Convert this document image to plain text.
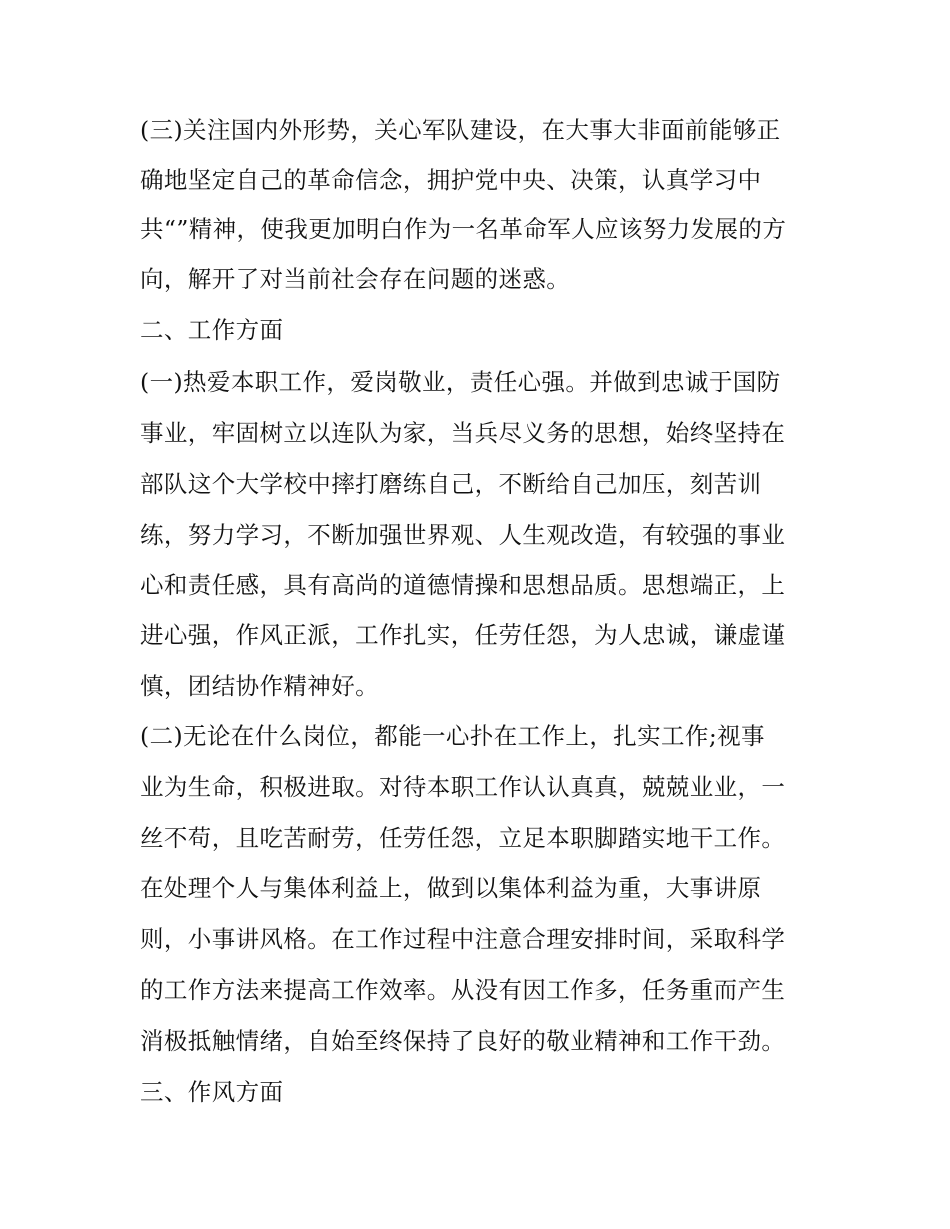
(三)关注国内外形势，关心军队建设，在大事大非面前能够正
确地坚定自己的革命信念，拥护党中央、决策，认真学习中
共“”精神，使我更加明白作为一名革命军人应该努力发展的方
向，解开了对当前社会存在问题的迷惑。
二、工作方面
(一)热爱本职工作，爱岗敬业，责任心强。并做到忠诚于国防
事业，牢固树立以连队为家，当兵尽义务的思想，始终坚持在
部队这个大学校中摔打磨练自己，不断给自己加压，刻苦训
练，努力学习，不断加强世界观、人生观改造，有较强的事业
心和责任感，具有高尚的道德情操和思想品质。思想端正，上
进心强，作风正派，工作扎实，任劳任怨，为人忠诚，谦虚谨
慎，团结协作精神好。
(二)无论在什么岗位，都能一心扑在工作上，扎实工作;视事
业为生命，积极进取。对待本职工作认认真真，兢兢业业，一
丝不苟，且吃苦耐劳，任劳任怨，立足本职脚踏实地干工作。
在处理个人与集体利益上，做到以集体利益为重，大事讲原
则，小事讲风格。在工作过程中注意合理安排时间，采取科学
的工作方法来提高工作效率。从没有因工作多，任务重而产生
消极抵触情绪，自始至终保持了良好的敬业精神和工作干劲。
三、作风方面
